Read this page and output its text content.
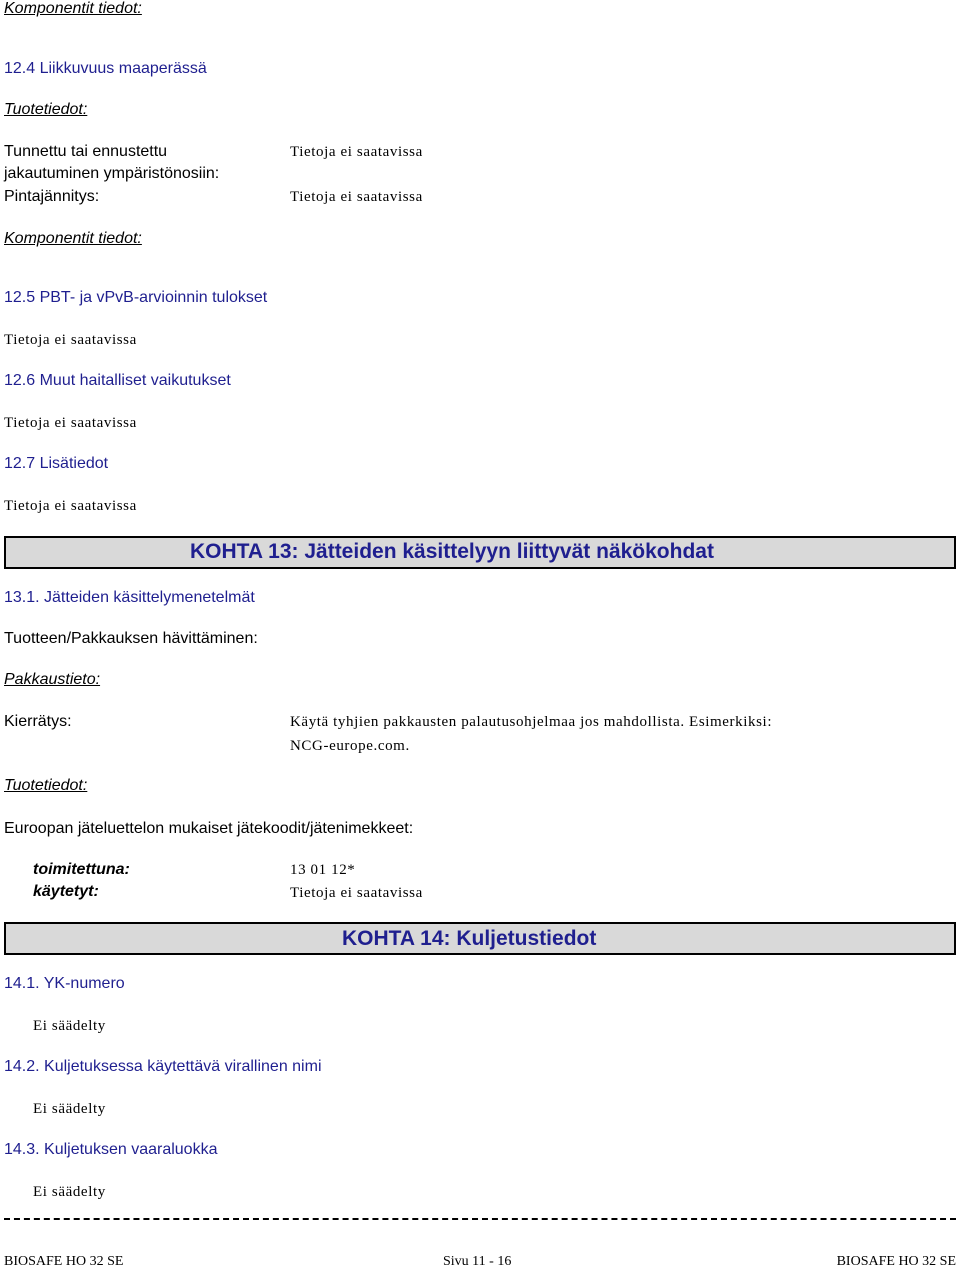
Komponentit tiedot:
12.4 Liikkuvuus maaperässä
Tuotetiedot:
Tunnettu tai ennustettu
jakautuminen ympäristönosiin:
Tietoja ei saatavissa
Pintajännitys:	Tietoja ei saatavissa
Komponentit tiedot:
12.5 PBT- ja vPvB-arvioinnin tulokset
Tietoja ei saatavissa
12.6 Muut haitalliset vaikutukset
Tietoja ei saatavissa
12.7 Lisätiedot
Tietoja ei saatavissa
KOHTA 13: Jätteiden käsittelyyn liittyvät näkökohdat
13.1. Jätteiden käsittelymenetelmät
Tuotteen/Pakkauksen hävittäminen:
Pakkaustieto:
Kierrätys:	Käytä tyhjien pakkausten palautusohjelmaa jos mahdollista. Esimerkiksi:
NCG-europe.com.
Tuotetiedot:
Euroopan jäteluettelon mukaiset jätekoodit/jätenimekkeet:
toimitettuna:	13 01 12*
käytetyt:	Tietoja ei saatavissa
KOHTA 14: Kuljetustiedot
14.1. YK-numero
Ei säädelty
14.2. Kuljetuksessa käytettävä virallinen nimi
Ei säädelty
14.3. Kuljetuksen vaaraluokka
Ei säädelty
BIOSAFE HO 32 SE	Sivu 11 - 16	BIOSAFE HO 32 SE
